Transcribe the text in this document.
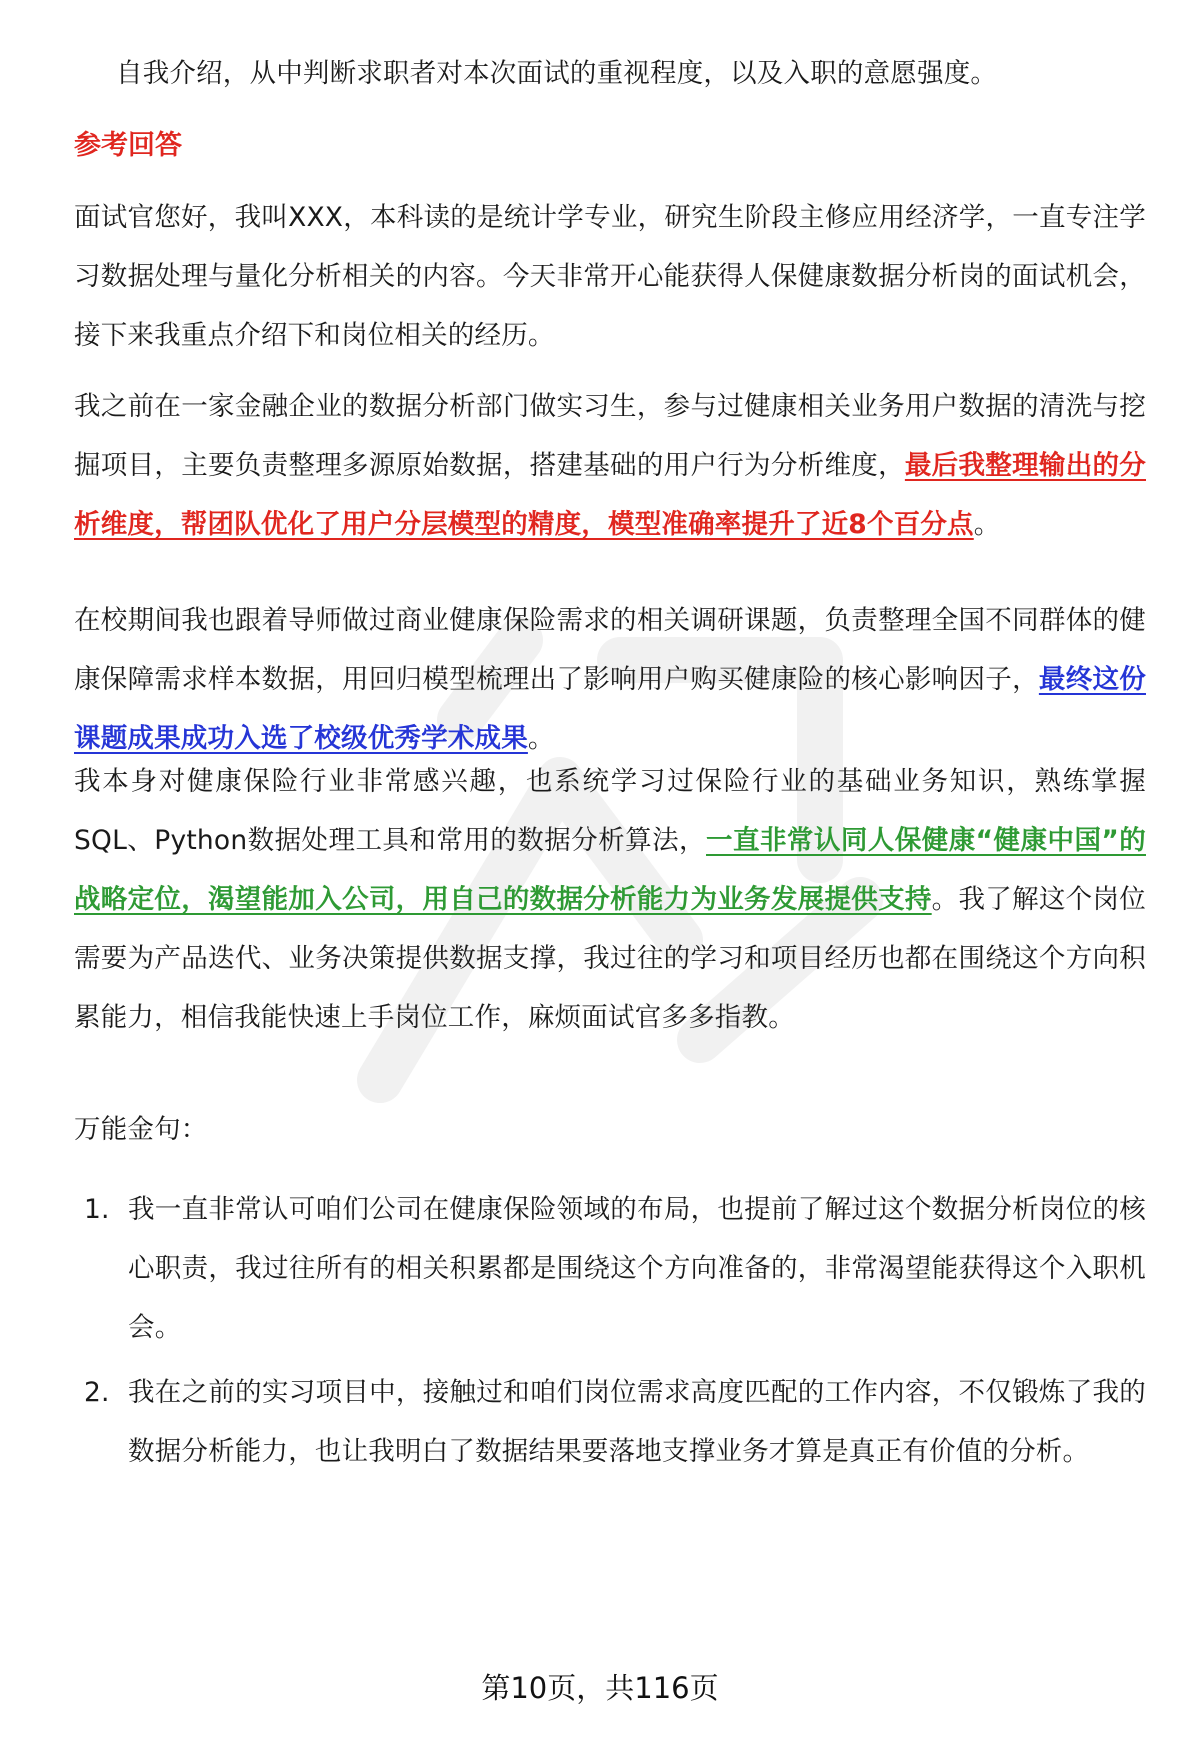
自我介绍，从中判断求职者对本次面试的重视程度，以及入职的意愿强度。

参考回答

面试官您好，我叫XXX，本科读的是统计学专业，研究生阶段主修应用经济学，一直专注学习数据处理与量化分析相关的内容。今天非常开心能获得人保健康数据分析岗的面试机会，接下来我重点介绍下和岗位相关的经历。

我之前在一家金融企业的数据分析部门做实习生，参与过健康相关业务用户数据的清洗与挖掘项目，主要负责整理多源原始数据，搭建基础的用户行为分析维度，最后我整理输出的分析维度，帮团队优化了用户分层模型的精度，模型准确率提升了近8个百分点。

在校期间我也跟着导师做过商业健康保险需求的相关调研课题，负责整理全国不同群体的健康保障需求样本数据，用回归模型梳理出了影响用户购买健康险的核心影响因子，最终这份课题成果成功入选了校级优秀学术成果。

我本身对健康保险行业非常感兴趣，也系统学习过保险行业的基础业务知识，熟练掌握SQL、Python数据处理工具和常用的数据分析算法，一直非常认同人保健康“健康中国”的战略定位，渴望能加入公司，用自己的数据分析能力为业务发展提供支持。我了解这个岗位需要为产品迭代、业务决策提供数据支撑，我过往的学习和项目经历也都在围绕这个方向积累能力，相信我能快速上手岗位工作，麻烦面试官多多指教。

万能金句：

1. 我一直非常认可咱们公司在健康保险领域的布局，也提前了解过这个数据分析岗位的核心职责，我过往所有的相关积累都是围绕这个方向准备的，非常渴望能获得这个入职机会。
2. 我在之前的实习项目中，接触过和咱们岗位需求高度匹配的工作内容，不仅锻炼了我的数据分析能力，也让我明白了数据结果要落地支撑业务才算是真正有价值的分析。
第10页，共116页
